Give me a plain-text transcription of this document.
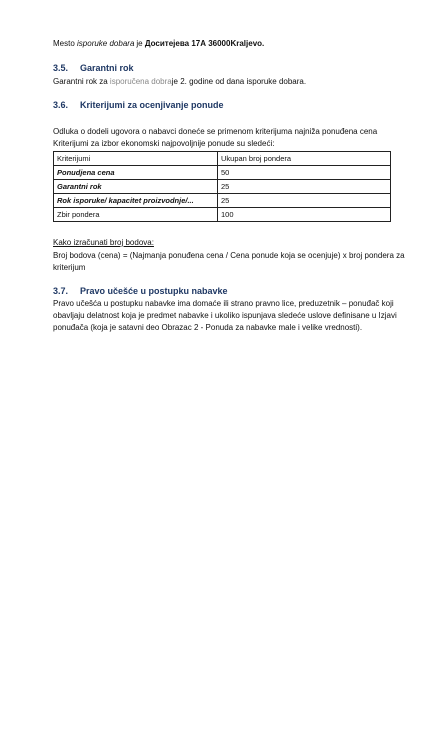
Mesto isporuke dobara je Доситејева 17А 36000Kraljevo.
3.5. Garantni rok
Garantni rok za isporučena dobraje 2. godine od dana isporuke dobara.
3.6. Kriterijumi za ocenjivanje ponude
Odluka o dodeli ugovora o nabavci doneće se primenom kriterijuma najniža ponuđena cena
Kriterijumi za izbor ekonomski najpovoljnije ponude su sledeći:
Kriterijumi	Ukupan broj pondera
Ponudjena cena	50
Garantni rok	25
Rok isporuke/ kapacitet proizvodnje/...	25
Zbir pondera	100
Kako izračunati broj bodova:
Broj bodova (cena) = (Najmanja ponuđena cena / Cena ponude koja se ocenjuje) x broj pondera za
kriterijum
3.7. Pravo učešće u postupku nabavke
Pravo učešća u postupku nabavke ima domaće ili strano pravno lice, preduzetnik – ponuđač koji
obavljaju delatnost koja je predmet nabavke i ukoliko ispunjava sledeće uslove definisane u Izjavi
ponuđača (koja je satavni deo Obrazac 2 - Ponuda za nabavke male i velike vrednosti).
